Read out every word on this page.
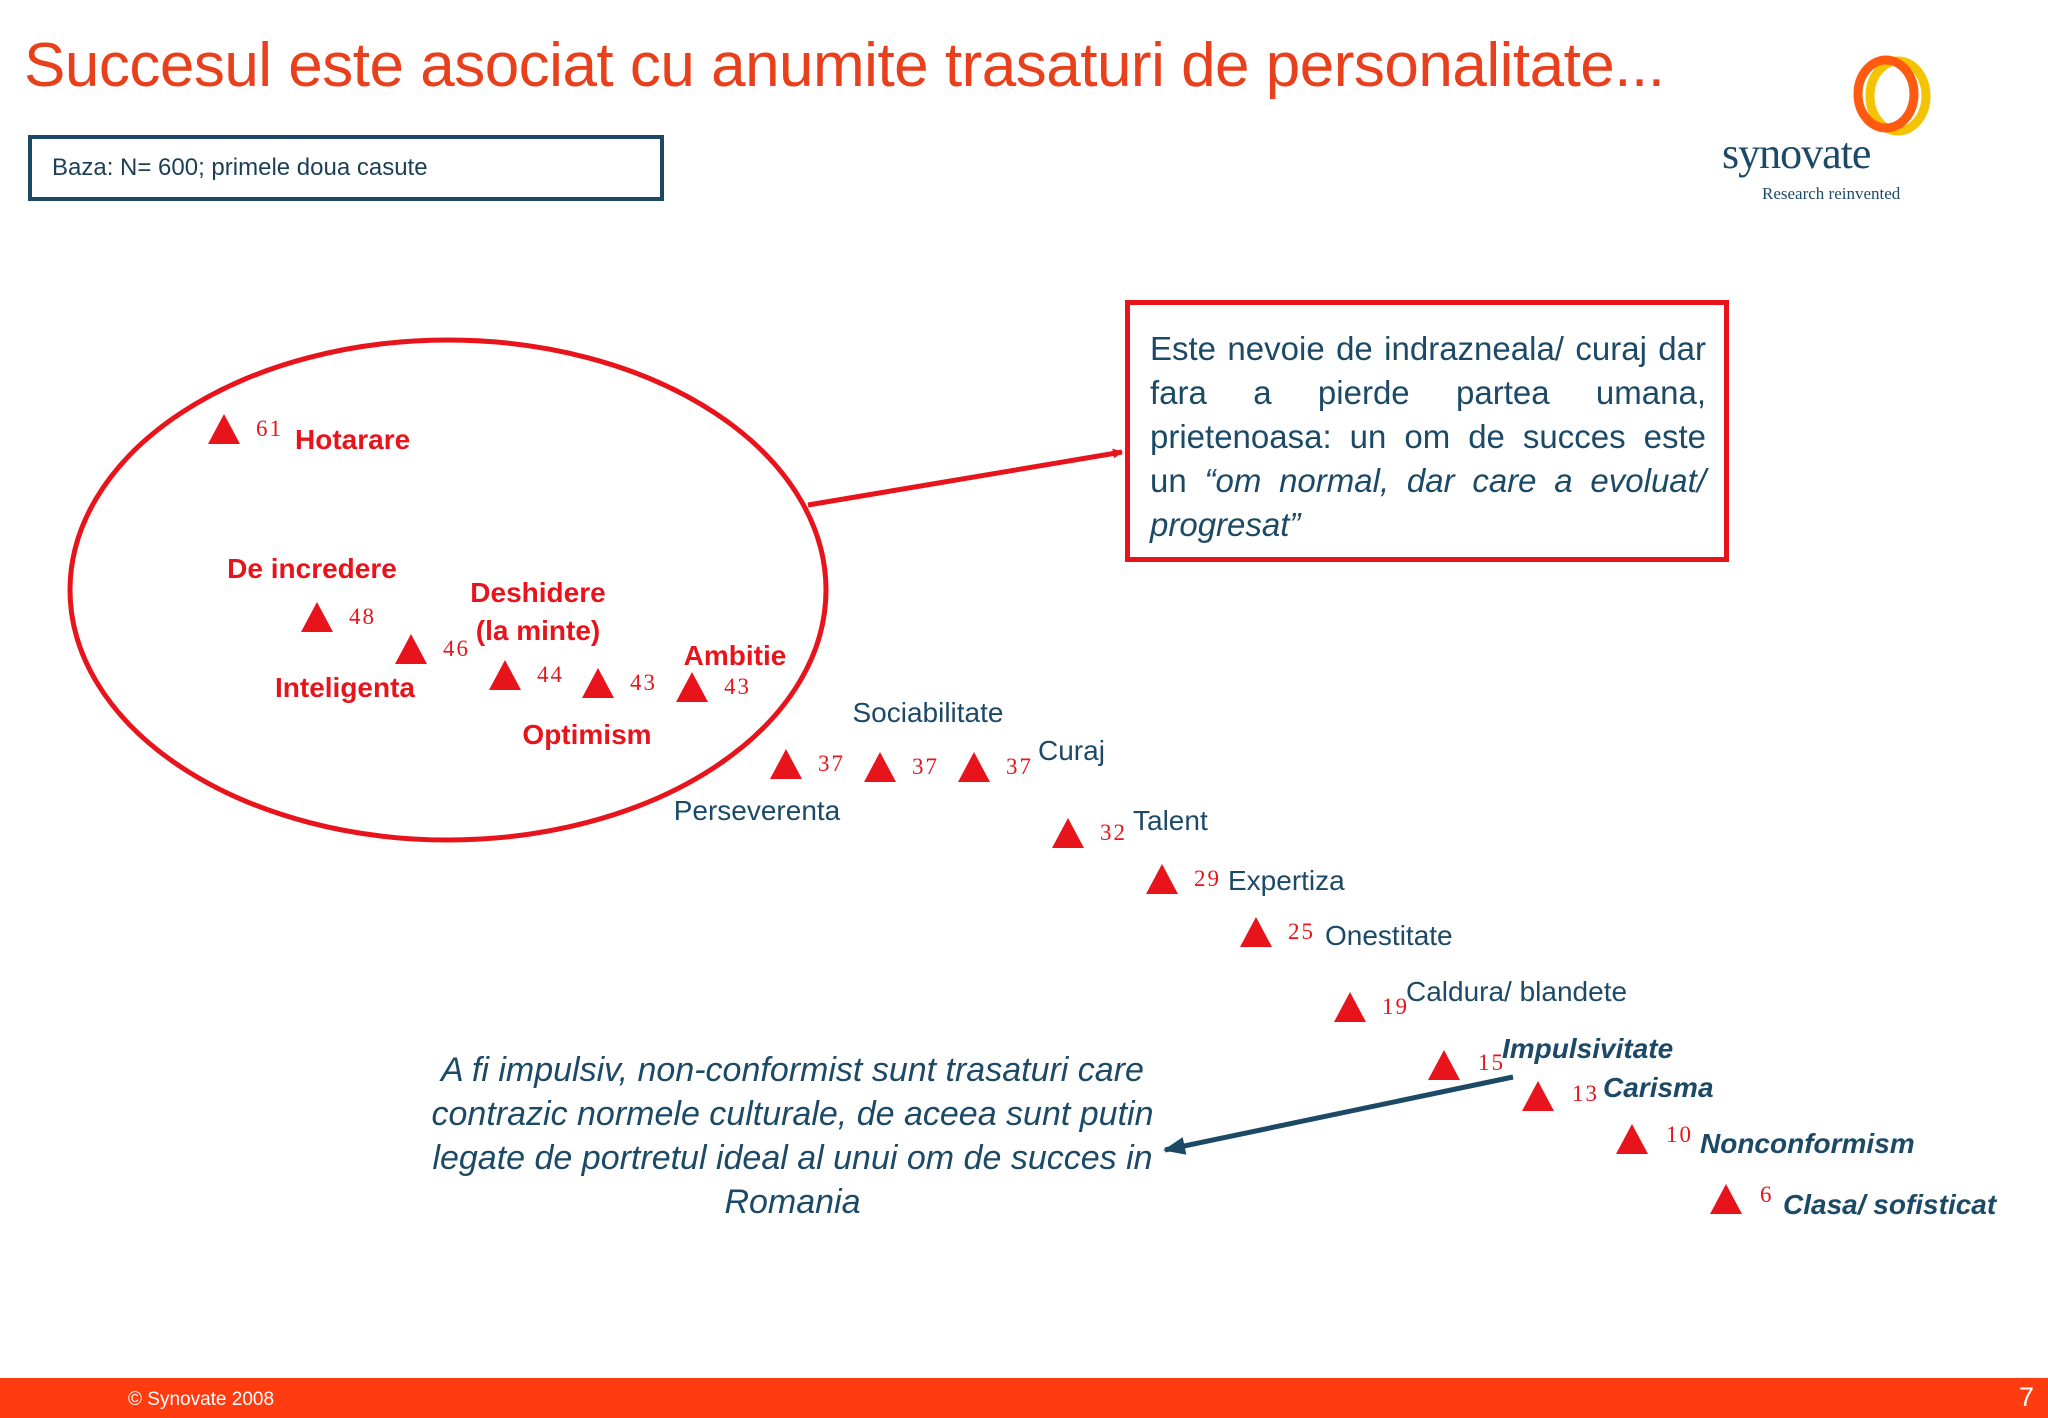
Succesul este asociat cu anumite trasaturi de personalitate...
Baza: N= 600; primele doua casute	synovate
Research reinvented
61 Hotarare
48
De incredere
46
Inteligenta	44
Deshidere (la minte)
43
Optimism
43
Ambitie
37
Perseverenta
37
Sociabilitate
37
Curaj
32 Talent
29 Expertiza
25 Onestitate
19
Caldura/ blandete
15
Impulsivitate
13 Carisma
10 Nonconformism
6 Clasa/ sofisticat
Este nevoie de indrazneala/ curaj dar fara a pierde partea umana, prietenoasa: un om de succes este un “om normal, dar care a evoluat/ progresat”
A fi impulsiv, non-conformist sunt trasaturi care contrazic normele culturale, de aceea sunt putin legate de portretul ideal al unui om de succes in Romania
© Synovate 2008	7
